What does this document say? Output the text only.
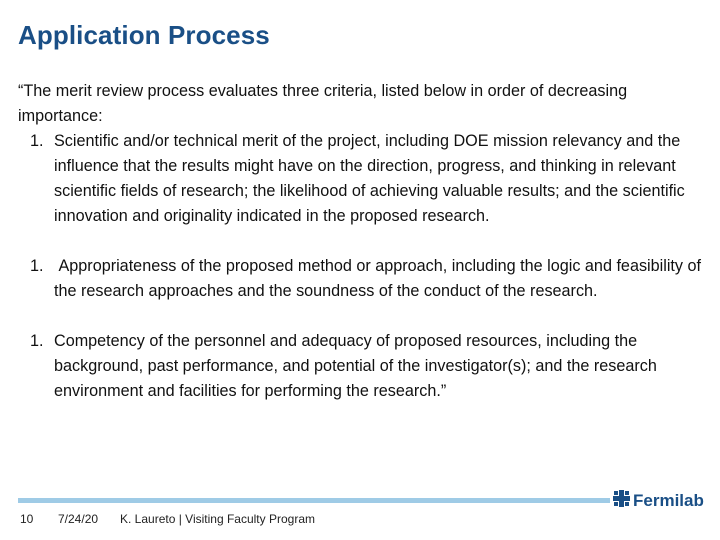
Application Process

“The merit review process evaluates three criteria, listed below in order of decreasing importance:

1. Scientific and/or technical merit of the project, including DOE mission relevancy and the influence that the results might have on the direction, progress, and thinking in relevant scientific fields of research; the likelihood of achieving valuable results; and the scientific innovation and originality indicated in the proposed research.

1. Appropriateness of the proposed method or approach, including the logic and feasibility of the research approaches and the soundness of the conduct of the research.

1. Competency of the personnel and adequacy of proposed resources, including the background, past performance, and potential of the investigator(s); and the research environment and facilities for performing the research.”

10 7/24/20 K. Laureto | Visiting Faculty Program
Fermilab
